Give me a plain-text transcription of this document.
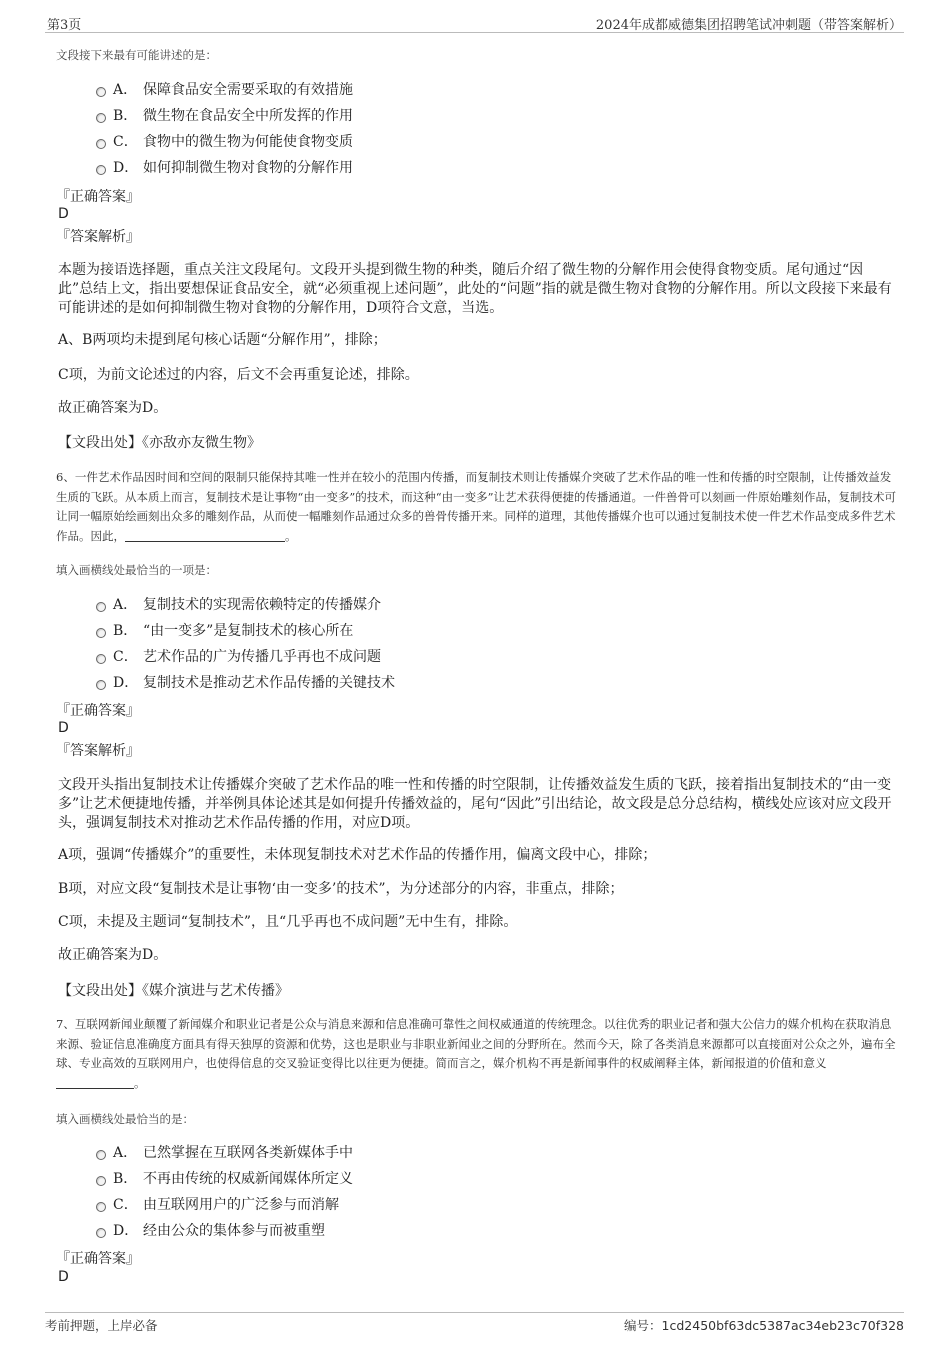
第3页	2024年成都威德集团招聘笔试冲刺题（带答案解析）
文段接下来最有可能讲述的是：
A． 保障食品安全需要采取的有效措施
B． 微生物在食品安全中所发挥的作用
C． 食物中的微生物为何能使食物变质
D． 如何抑制微生物对食物的分解作用
『正确答案』
D
『答案解析』
本题为接语选择题，重点关注文段尾句。文段开头提到微生物的种类，随后介绍了微生物的分解作用会使得食物变质。尾句通过“因此”总结上文，指出要想保证食品安全，就“必须重视上述问题”，此处的“问题”指的就是微生物对食物的分解作用。所以文段接下来最有可能讲述的是如何抑制微生物对食物的分解作用，D项符合文意，当选。
A、B两项均未提到尾句核心话题“分解作用”，排除；
C项，为前文论述过的内容，后文不会再重复论述，排除。
故正确答案为D。
【文段出处】《亦敌亦友微生物》
6、一件艺术作品因时间和空间的限制只能保持其唯一性并在较小的范围内传播，而复制技术则让传播媒介突破了艺术作品的唯一性和传播的时空限制，让传播效益发生质的飞跃。从本质上而言，复制技术是让事物“由一变多”的技术，而这种“由一变多”让艺术获得便捷的传播通道。一件兽骨可以刻画一件原始雕刻作品，复制技术可让同一幅原始绘画刻出众多的雕刻作品，从而使一幅雕刻作品通过众多的兽骨传播开来。同样的道理，其他传播媒介也可以通过复制技术使一件艺术作品变成多件艺术作品。因此，	。
填入画横线处最恰当的一项是：
A． 复制技术的实现需依赖特定的传播媒介
B． “由一变多”是复制技术的核心所在
C． 艺术作品的广为传播几乎再也不成问题
D． 复制技术是推动艺术作品传播的关键技术
『正确答案』
D
『答案解析』
文段开头指出复制技术让传播媒介突破了艺术作品的唯一性和传播的时空限制，让传播效益发生质的飞跃，接着指出复制技术的“由一变多”让艺术便捷地传播，并举例具体论述其是如何提升传播效益的，尾句“因此”引出结论，故文段是总分总结构，横线处应该对应文段开头，强调复制技术对推动艺术作品传播的作用，对应D项。
A项，强调“传播媒介”的重要性，未体现复制技术对艺术作品的传播作用，偏离文段中心，排除；
B项，对应文段“复制技术是让事物‘由一变多’的技术”，为分述部分的内容，非重点，排除；
C项，未提及主题词“复制技术”，且“几乎再也不成问题”无中生有，排除。
故正确答案为D。
【文段出处】《媒介演进与艺术传播》
7、互联网新闻业颠覆了新闻媒介和职业记者是公众与消息来源和信息准确可靠性之间权威通道的传统理念。以往优秀的职业记者和强大公信力的媒介机构在获取消息来源、验证信息准确度方面具有得天独厚的资源和优势，这也是职业与非职业新闻业之间的分野所在。然而今天，除了各类消息来源都可以直接面对公众之外，遍布全球、专业高效的互联网用户，也使得信息的交叉验证变得比以往更为便捷。简而言之，媒介机构不再是新闻事件的权威阐释主体，新闻报道的价值和意义。
填入画横线处最恰当的是：
A． 已然掌握在互联网各类新媒体手中
B． 不再由传统的权威新闻媒体所定义
C． 由互联网用户的广泛参与而消解
D． 经由公众的集体参与而被重塑
『正确答案』
D
考前押题，上岸必备	编号：1cd2450bf63dc5387ac34eb23c70f328
